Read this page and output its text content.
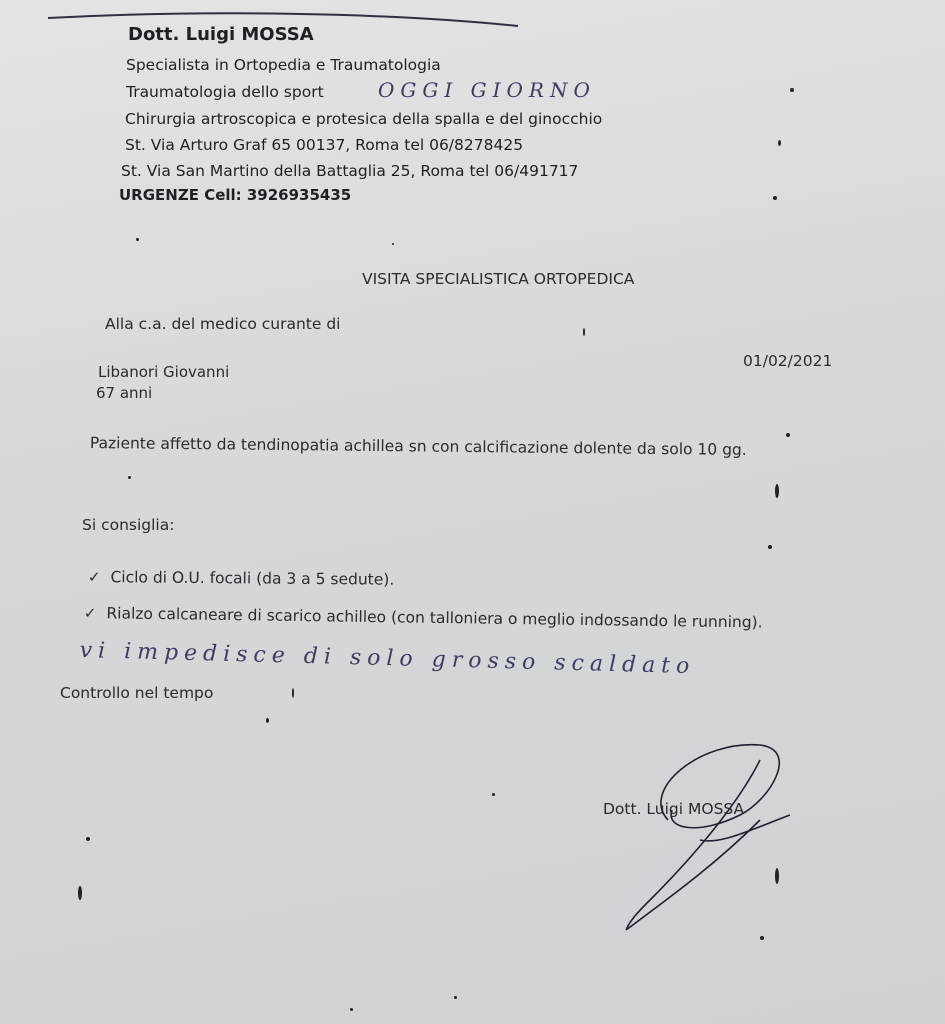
Dott. Luigi MOSSA
Specialista in Ortopedia e Traumatologia
Traumatologia dello sport	OGGI GIORNO
Chirurgia artroscopica e protesica della spalla e del ginocchio
St. Via Arturo Graf 65 00137, Roma tel 06/8278425
St. Via San Martino della Battaglia 25, Roma tel 06/491717
URGENZE Cell: 3926935435
VISITA SPECIALISTICA ORTOPEDICA
Alla c.a. del medico curante di
01/02/2021
Libanori Giovanni
67 anni
Paziente affetto da tendinopatia achillea sn con calcificazione dolente da solo 10 gg.
Si consiglia:
✓ Ciclo di O.U. focali (da 3 a 5 sedute).
✓ Rialzo calcaneare di scarico achilleo (con talloniera o meglio indossando le running).
vi impedisce di solo grosso scaldato
Controllo nel tempo
Dott. Luigi MOSSA
